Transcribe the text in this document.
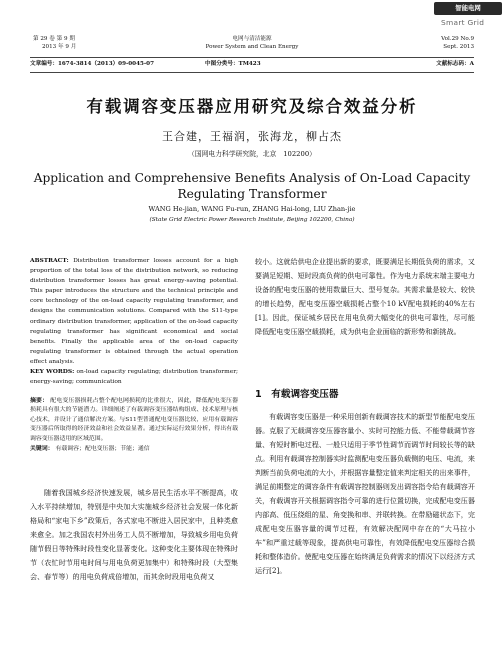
智能电网
Smart Grid
第 29 卷 第 9 期
2013 年 9 月
电网与清洁能源
Power System and Clean Energy
Vol.29 No.9
Sept. 2013
文章编号：1674-3814（2013）09-0045-07	中图分类号：TM423	文献标志码：A
有载调容变压器应用研究及综合效益分析
王合建，王福润，张海龙，柳占杰
（国网电力科学研究院，北京　102200）
Application and Comprehensive Benefits Analysis of On-Load Capacity Regulating Transformer
WANG He-jian, WANG Fu-run, ZHANG Hai-long, LIU Zhan-jie
(State Grid Electric Power Research Institute, Beijing 102200, China)

ABSTRACT: Distribution transformer losses account for a high proportion of the total loss of the distribution network, so reducing distribution transformer losses has great energy-saving potential. This paper introduces the structure and the technical principle and core technology of the on-load capacity regulating transformer, and designs the communication solutions. Compared with the S11-type ordinary distribution transformer, application of the on-load capacity regulating transformer has significant economical and social benefits. Finally the applicable area of the on-load capacity regulating transformer is obtained through the actual operation effect analysis.

KEY WORDS: on-load capacity regulating; distribution transformer; energy-saving; communication

摘要： 配电变压器损耗占整个配电网损耗的比重很大，因此，降低配电变压器损耗具有很大的节能潜力。详细阐述了有载调容变压器结构组成、技术原理与核心技术，并设计了通信解决方案。与S11型普通配电变压器比较，应用有载调容变压器后所取得的经济效益和社会效益显著。通过实际运行效果分析，得出有载调容变压器适用的区域范围。

关键词： 有载调容；配电变压器；节能；通信

随着我国城乡经济快速发展，城乡居民生活水平不断提高，收入水平持续增加，特别是中央加大实施城乡经济社会发展一体化新格局和“家电下乡”政策后，各式家电不断进入居民家中，且种类愈来愈全。加之我国农村外出务工人员不断增加，导致城乡用电负荷随节假日等特殊时段性变化显著变化。这种变化主要体现在特殊时节（农忙时节用电时间与用电负荷更加集中）和特殊时段（大型集会、春节等）的用电负荷成倍增加，而其余时段用电负荷又

较小。这就给供电企业提出新的要求，既要满足长期低负荷的需求，又要满足短期、短时段高负荷的供电可靠性。作为电力系统末端主要电力设备的配电变压器的使用数量巨大、型号复杂。其需求量是较大、较快的增长趋势，配电变压器空载损耗占整个10 kV配电损耗的40%左右[1]。因此，保证城乡居民在用电负荷大幅变化的供电可靠性，尽可能降低配电变压器空载损耗，成为供电企业面临的新形势和新挑战。

1　有载调容变压器

有载调容变压器是一种采用创新有载调容技术的新型节能配电变压器。克服了无载调容变压器容量小、实时可控能力低、不能带载调节容量、有短时断电过程、一般只适用于季节性调节而调节时间较长等的缺点。利用有载调容控制器实时监测配电变压器负载侧的电压、电流，来判断当前负荷电流的大小，并根据容量整定值来判定相关的出来事件，满足前期整定的调容条件有载调容控制器则发出调容指令给有载调容开关，有载调容开关根据调容指令可靠的进行位置切换，完成配电变压器内部高、低压绕组的星、角变换和串、并联转换。在带励磁状态下，完成配电变压器容量的调节过程，有效解决配网中存在的“大马拉小车”和严重过载等现象，提高供电可靠性，有效降低配电变压器综合损耗和整体造价。使配电变压器在始终满足负荷需求的情况下以经济方式运行[2]。
